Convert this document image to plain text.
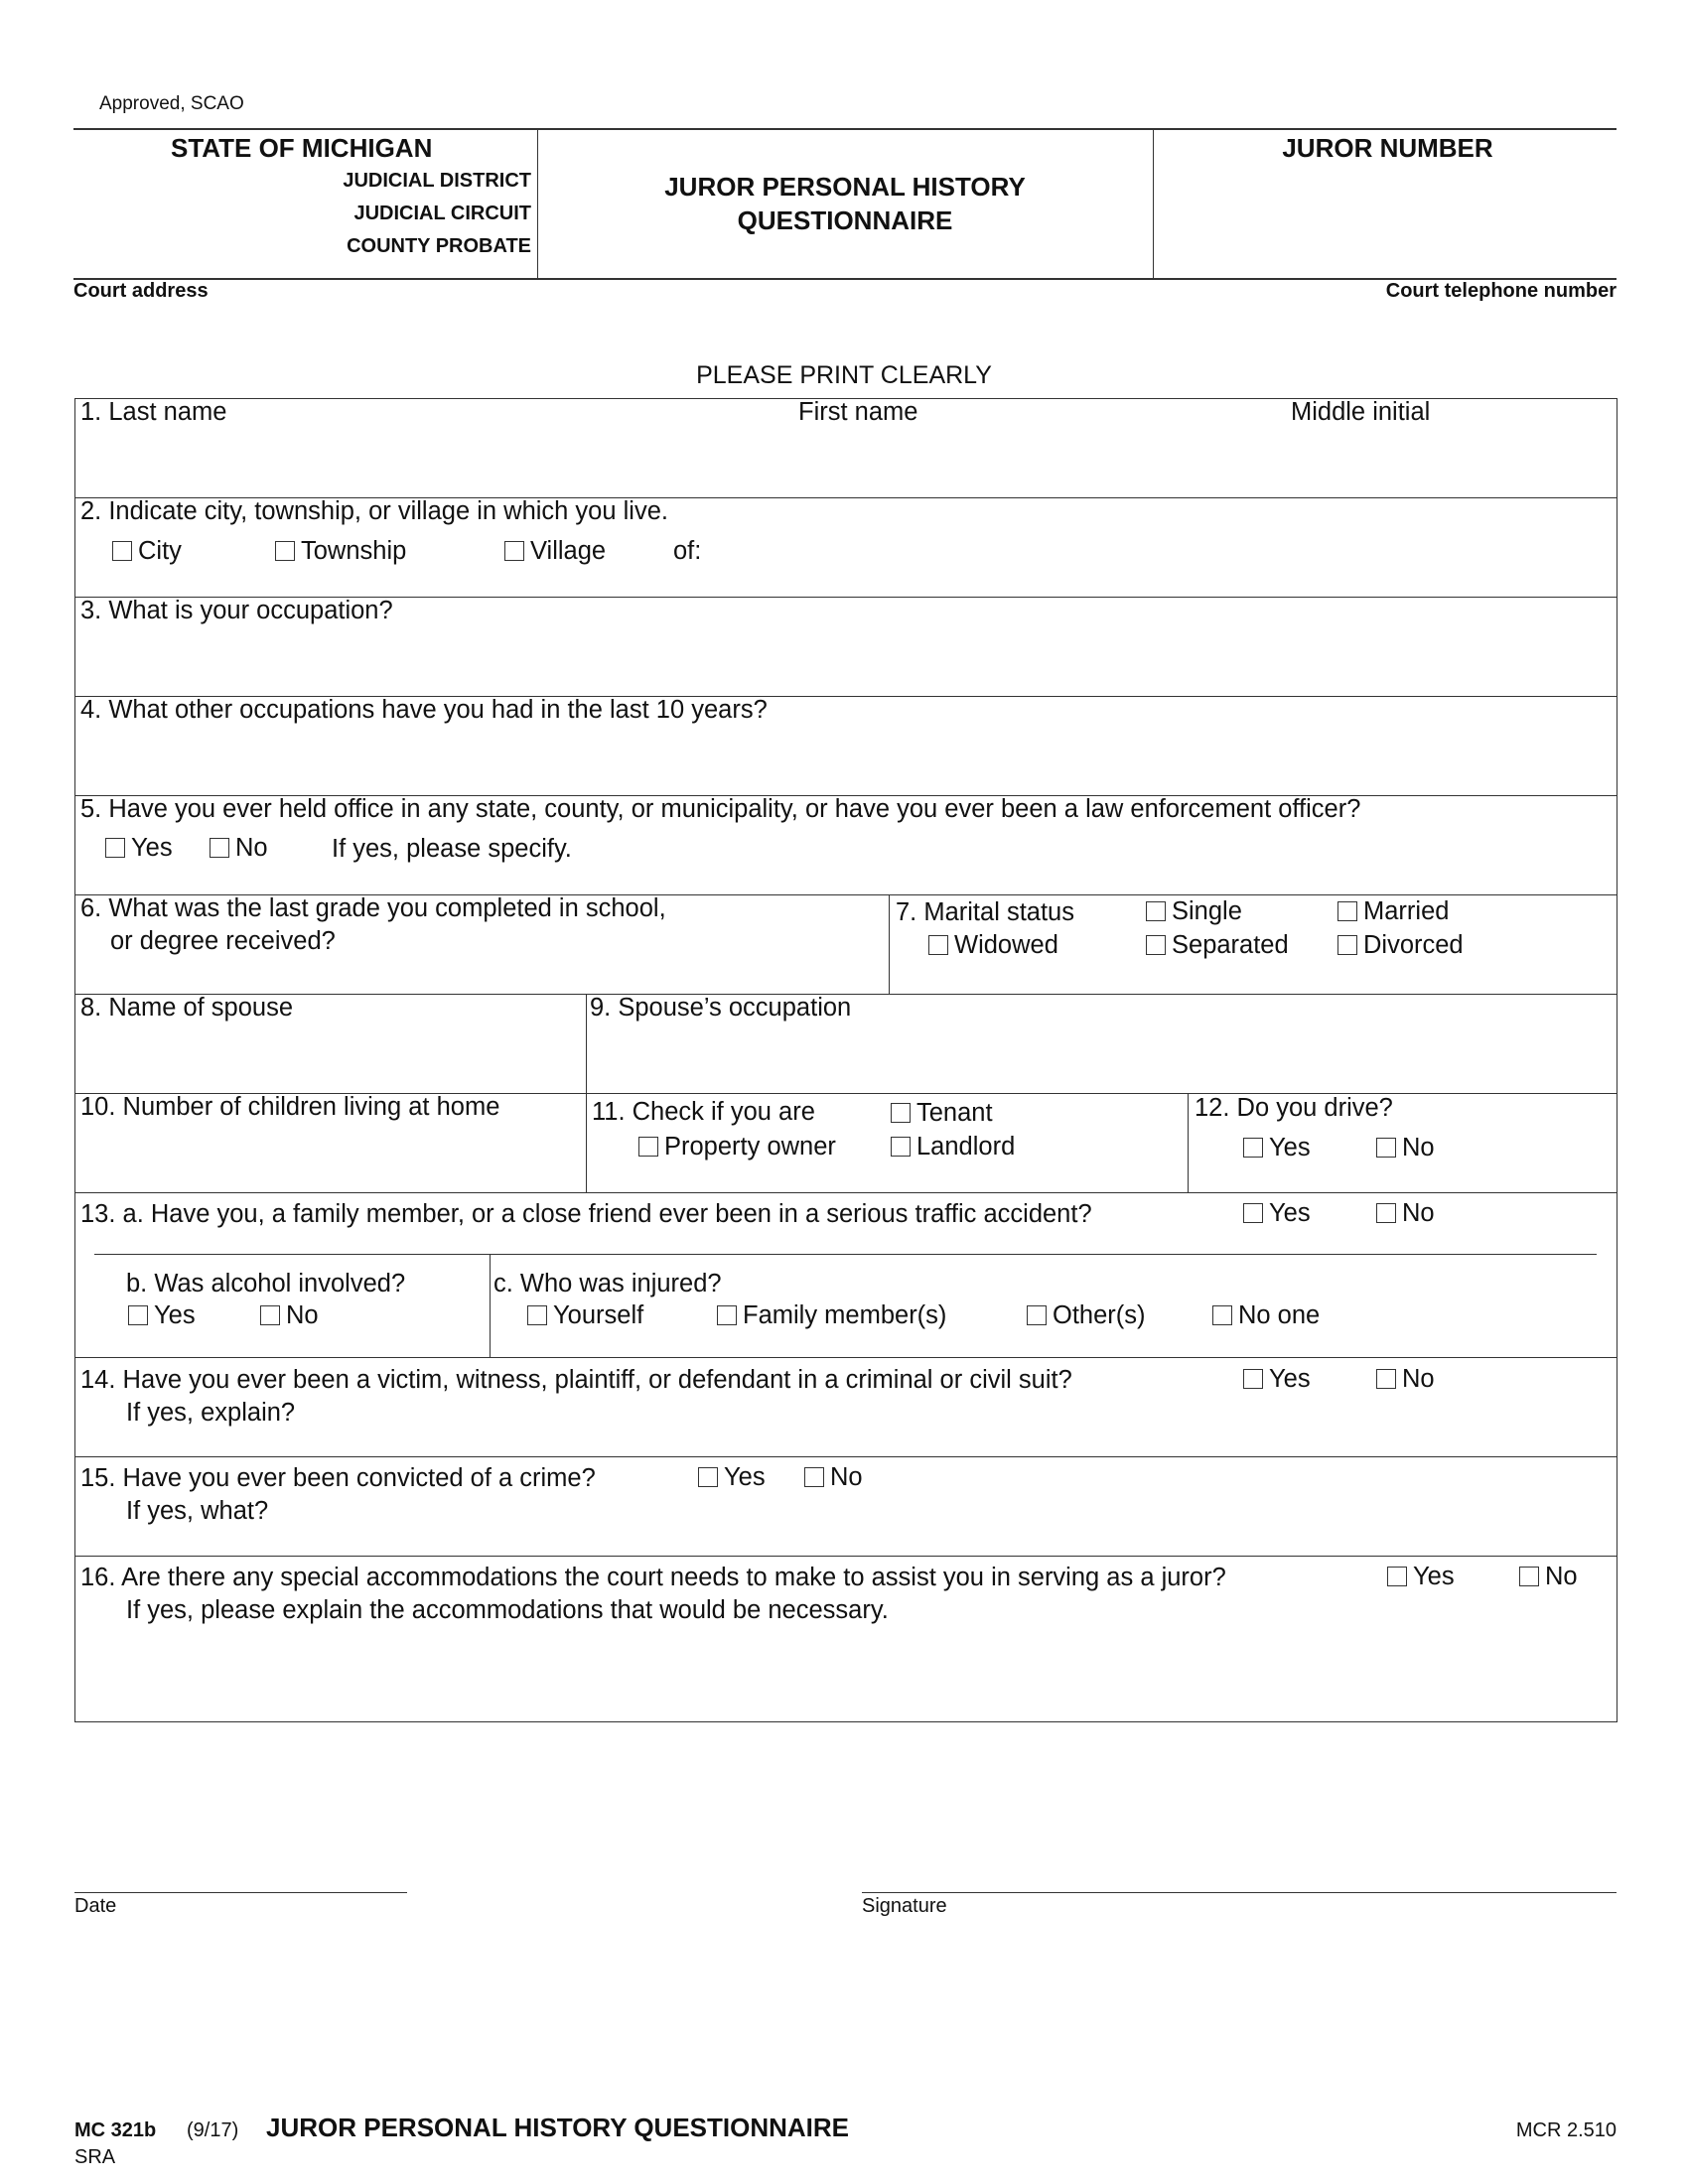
Approved, SCAO
STATE OF MICHIGAN
JUDICIAL DISTRICT
JUDICIAL CIRCUIT
COUNTY PROBATE
JUROR PERSONAL HISTORY
QUESTIONNAIRE
JUROR NUMBER
Court address	Court telephone number
PLEASE PRINT CLEARLY
1. Last name	First name	Middle initial
2. Indicate city, township, or village in which you live.
City	Township	Village	of:
3. What is your occupation?
4. What other occupations have you had in the last 10 years?
5. Have you ever held office in any state, county, or municipality, or have you ever been a law enforcement officer?
Yes No	If yes, please specify.
6. What was the last grade you completed in school,
or degree received?
7. Marital status	Single	Married
Widowed	Separated	Divorced
8. Name of spouse	9. Spouse’s occupation
10. Number of children living at home	11. Check if you are	Tenant
Property owner	Landlord
12. Do you drive?
Yes	No
13. a. Have you, a family member, or a close friend ever been in a serious traffic accident?	Yes	No
b. Was alcohol involved?
Yes	No
c. Who was injured?
Yourself	Family member(s)	Other(s)	No one
14. Have you ever been a victim, witness, plaintiff, or defendant in a criminal or civil suit?
If yes, explain?
Yes	No
15. Have you ever been convicted of a crime?
If yes, what?
Yes	No
16. Are there any special accommodations the court needs to make to assist you in serving as a juror?
If yes, please explain the accommodations that would be necessary.
Yes	No
Date	Signature
MC 321b (9/17) JUROR PERSONAL HISTORY QUESTIONNAIRE	MCR 2.510
SRA
